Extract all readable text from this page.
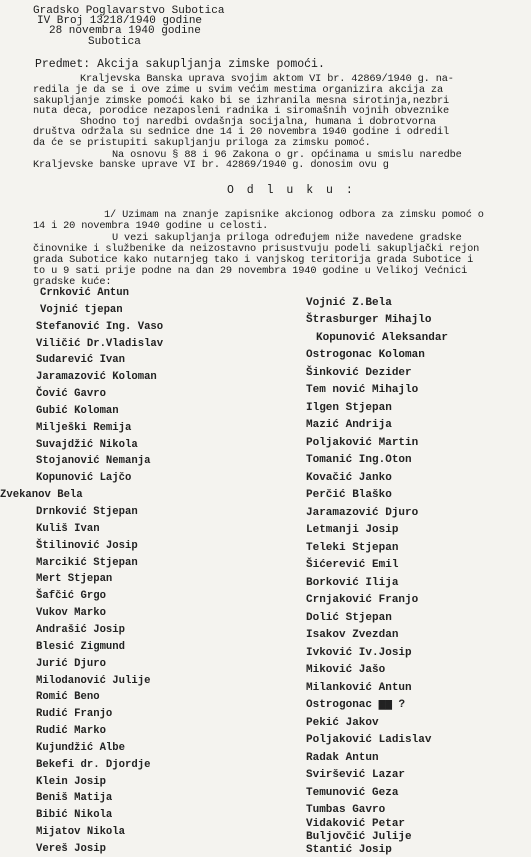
Gradsko Poglavarstvo Subotica
IV Broj 13218/1940 godine
28 novembra 1940 godine
Subotica
Predmet: Akcija sakupljanja zimske pomoći.
Kraljevska Banska uprava svojim aktom VI br. 42869/1940 g. na-
redila je da se i ove zime u svim većim mestima organizira akcija za
sakupljanje zimske pomoći kako bi se izhranila mesna sirotinja,nezbri
nuta deca, porodice nezaposleni radnika i siromašnih vojnih obveznike
Shodno toj naredbi ovdašnja socijalna, humana i dobrotvorna
društva održala su sednice dne 14 i 20 novembra 1940 godine i odredil
da će se pristupiti sakupljanju priloga za zimsku pomoć.
Na osnovu § 88 i 96 Zakona o gr. općinama u smislu naredbe
Kraljevske banske uprave VI br. 42869/1940 g. donosim ovu g
O d l u k u :
1/ Uzimam na znanje zapisnike akcionog odbora za zimsku pomoć o
14 i 20 novembra 1940 godine u celosti.
U vezi sakupljanja priloga određujem niže navedene gradske
činovnike i službenike da neizostavno prisustvuju podeli sakupljački rejon
grada Subotice kako nutarnjeg tako i vanjskog teritorija grada Subotice i
to u 9 sati prije podne na dan 29 novembra 1940 godine u Velikoj Većnici
gradske kuće:
Crnković Antun
Vojnić tjepan
Stefanović Ing. Vaso
Viličić Dr.Vladislav
Sudarević Ivan
Jaramazović Koloman
Čović Gavro
Gubić Koloman
Milješki Remija
Suvajdžić Nikola
Stojanović Nemanja
Kopunović Lajčo
Zvekanov Bela
Drnković Stjepan
Kuliš Ivan
Štilinović Josip
Marcikić Stjepan
Mert Stjepan
Šafčić Grgo
Vukov Marko
Andrašić Josip
Blesić Zigmund
Jurić Djuro
Milodanović Julije
Romić Beno
Rudić Franjo
Rudić Marko
Kujundžić Albe
Bekefi dr. Djordje
Klein Josip
Beniš Matija
Bibić Nikola
Mijatov Nikola
Vereš Josip
Vojnić Z.Bela
Štrasburger Mihajlo
Kopunović Aleksandar
Ostrogonac Koloman
Šinković Dezider
Tem nović Mihajlo
Ilgen Stjepan
Mazić Andrija
Poljaković Martin
Tomanić Ing.Oton
Kovačić Janko
Perčić Blaško
Jaramazović Djuro
Letmanji Josip
Teleki Stjepan
Šićerević Emil
Borković Ilija
Crnjaković Franjo
Dolić Stjepan
Isakov Zvezdan
Ivković Iv.Josip
Miković Jašo
Milanković Antun
Ostrogonac ▆▆ ?
Pekić Jakov
Poljaković Ladislav
Radak Antun
Sviršević Lazar
Temunović Geza
Tumbas Gavro
Vidaković Petar
Buljovčić Julije
Stantić Josip
